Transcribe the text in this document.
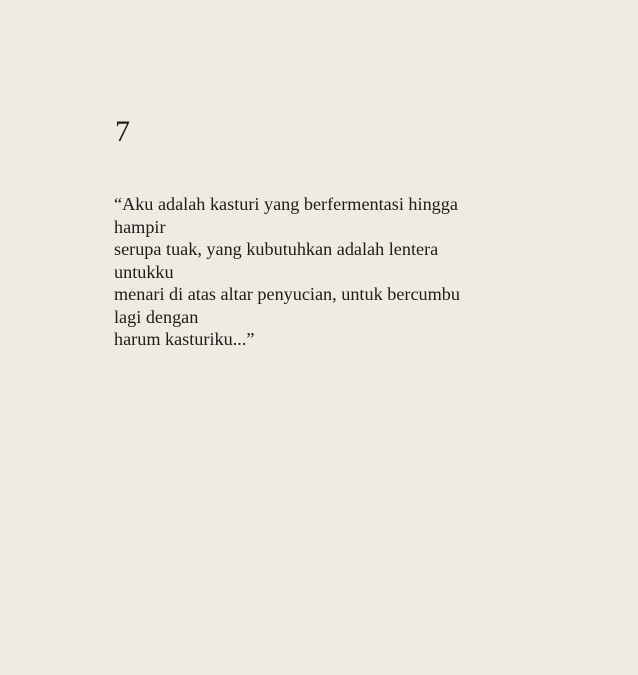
7

“Aku adalah kasturi yang berfermentasi hingga
hampir
serupa tuak, yang kubutuhkan adalah lentera
untukku
menari di atas altar penyucian, untuk bercumbu
lagi dengan
harum kasturiku...”
